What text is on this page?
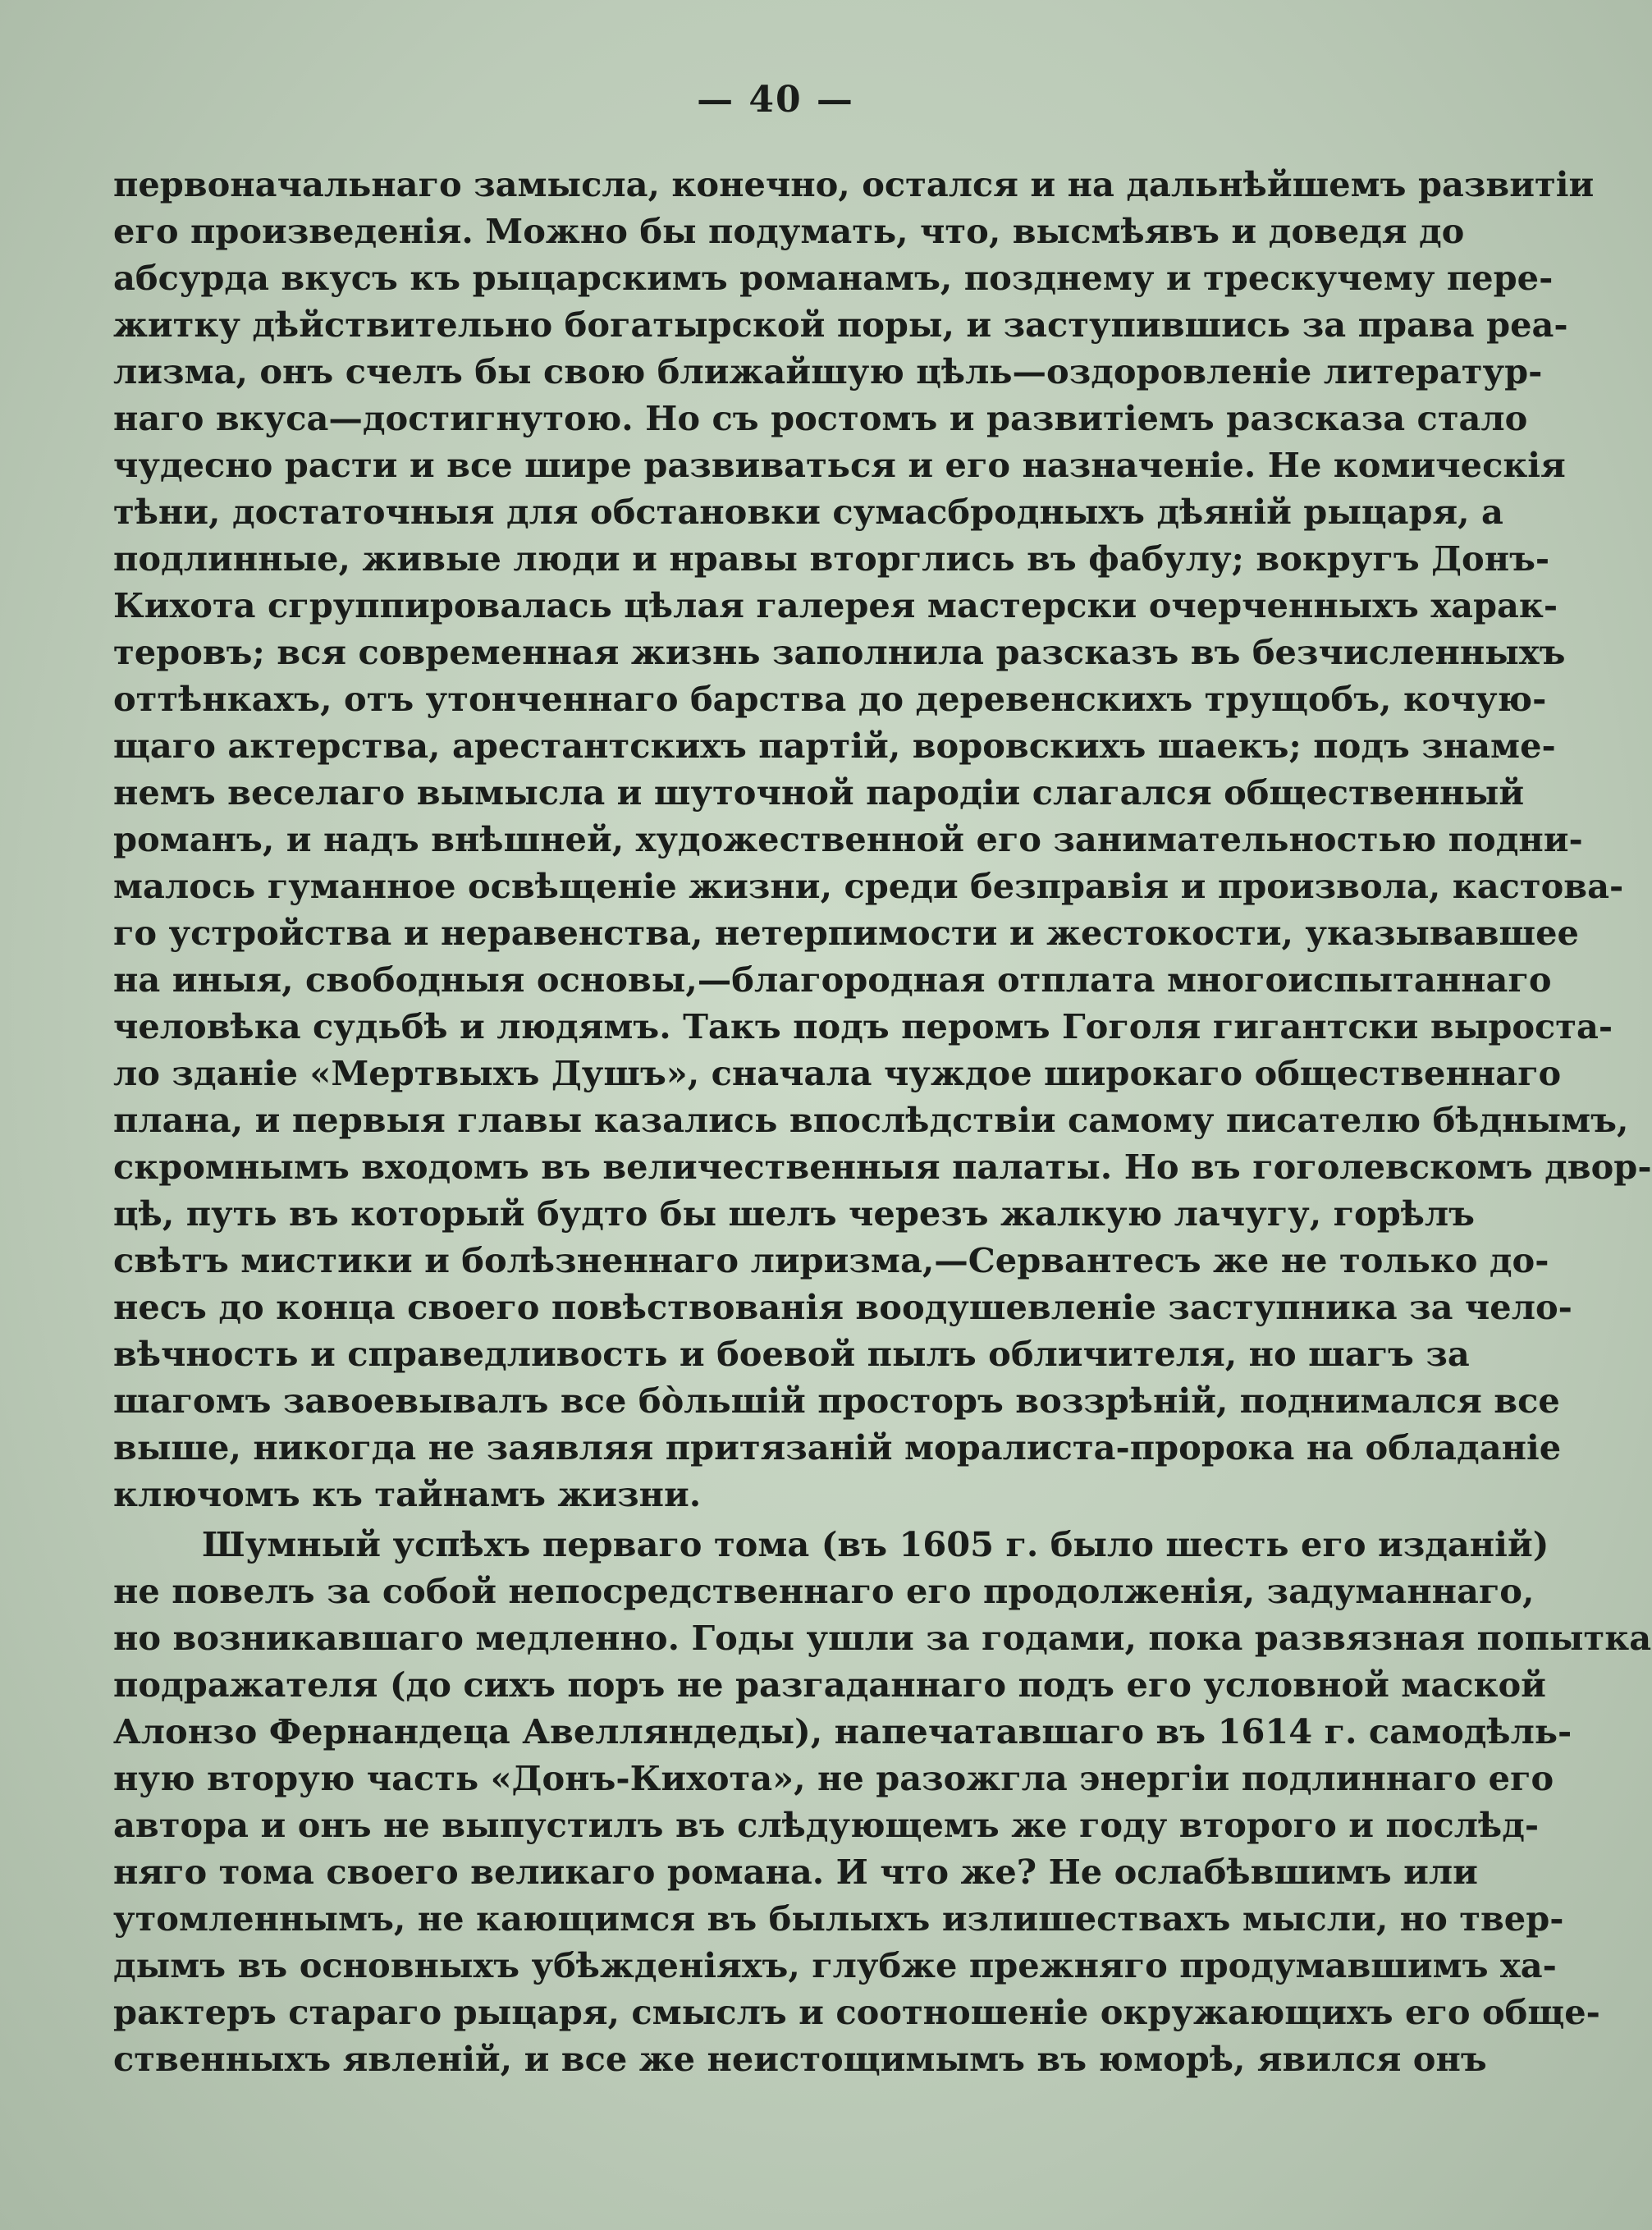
— 40 —
первоначальнаго замысла, конечно, остался и на дальнѣйшемъ развитіи
его произведенія. Можно бы подумать, что, высмѣявъ и доведя до
абсурда вкусъ къ рыцарскимъ романамъ, позднему и трескучему пере-
житку дѣйствительно богатырской поры, и заступившись за права реа-
лизма, онъ счелъ бы свою ближайшую цѣль—оздоровленіе литератур-
наго вкуса—достигнутою. Но съ ростомъ и развитіемъ разсказа стало
чудесно расти и все шире развиваться и его назначеніе. Не комическія
тѣни, достаточныя для обстановки сумасбродныхъ дѣяній рыцаря, а
подлинные, живые люди и нравы вторглись въ фабулу; вокругъ Донъ-
Кихота сгруппировалась цѣлая галерея мастерски очерченныхъ харак-
теровъ; вся современная жизнь заполнила разсказъ въ безчисленныхъ
оттѣнкахъ, отъ утонченнаго барства до деревенскихъ трущобъ, кочую-
щаго актерства, арестантскихъ партій, воровскихъ шаекъ; подъ знаме-
немъ веселаго вымысла и шуточной пародіи слагался общественный
романъ, и надъ внѣшней, художественной его занимательностью подни-
малось гуманное освѣщеніе жизни, среди безправія и произвола, кастова-
го устройства и неравенства, нетерпимости и жестокости, указывавшее
на иныя, свободныя основы,—благородная отплата многоиспытаннаго
человѣка судьбѣ и людямъ. Такъ подъ перомъ Гоголя гигантски выроста-
ло зданіе «Мертвыхъ Душъ», сначала чуждое широкаго общественнаго
плана, и первыя главы казались впослѣдствіи самому писателю бѣднымъ,
скромнымъ входомъ въ величественныя палаты. Но въ гоголевскомъ двор-
цѣ, путь въ который будто бы шелъ черезъ жалкую лачугу, горѣлъ
свѣтъ мистики и болѣзненнаго лиризма,—Сервантесъ же не только до-
несъ до конца своего повѣствованія воодушевленіе заступника за чело-
вѣчность и справедливость и боевой пылъ обличителя, но шагъ за
шагомъ завоевывалъ все бо̀льшій просторъ воззрѣній, поднимался все
выше, никогда не заявляя притязаній моралиста-пророка на обладаніе
ключомъ къ тайнамъ жизни.
Шумный успѣхъ перваго тома (въ 1605 г. было шесть его изданій)
не повелъ за собой непосредственнаго его продолженія, задуманнаго,
но возникавшаго медленно. Годы ушли за годами, пока развязная попытка
подражателя (до сихъ поръ не разгаданнаго подъ его условной маской
Алонзо Фернандеца Авелляндеды), напечатавшаго въ 1614 г. самодѣль-
ную вторую часть «Донъ-Кихота», не разожгла энергіи подлиннаго его
автора и онъ не выпустилъ въ слѣдующемъ же году второго и послѣд-
няго тома своего великаго романа. И что же? Не ослабѣвшимъ или
утомленнымъ, не кающимся въ былыхъ излишествахъ мысли, но твер-
дымъ въ основныхъ убѣжденіяхъ, глубже прежняго продумавшимъ ха-
рактеръ стараго рыцаря, смыслъ и соотношеніе окружающихъ его обще-
ственныхъ явленій, и все же неистощимымъ въ юморѣ, явился онъ
